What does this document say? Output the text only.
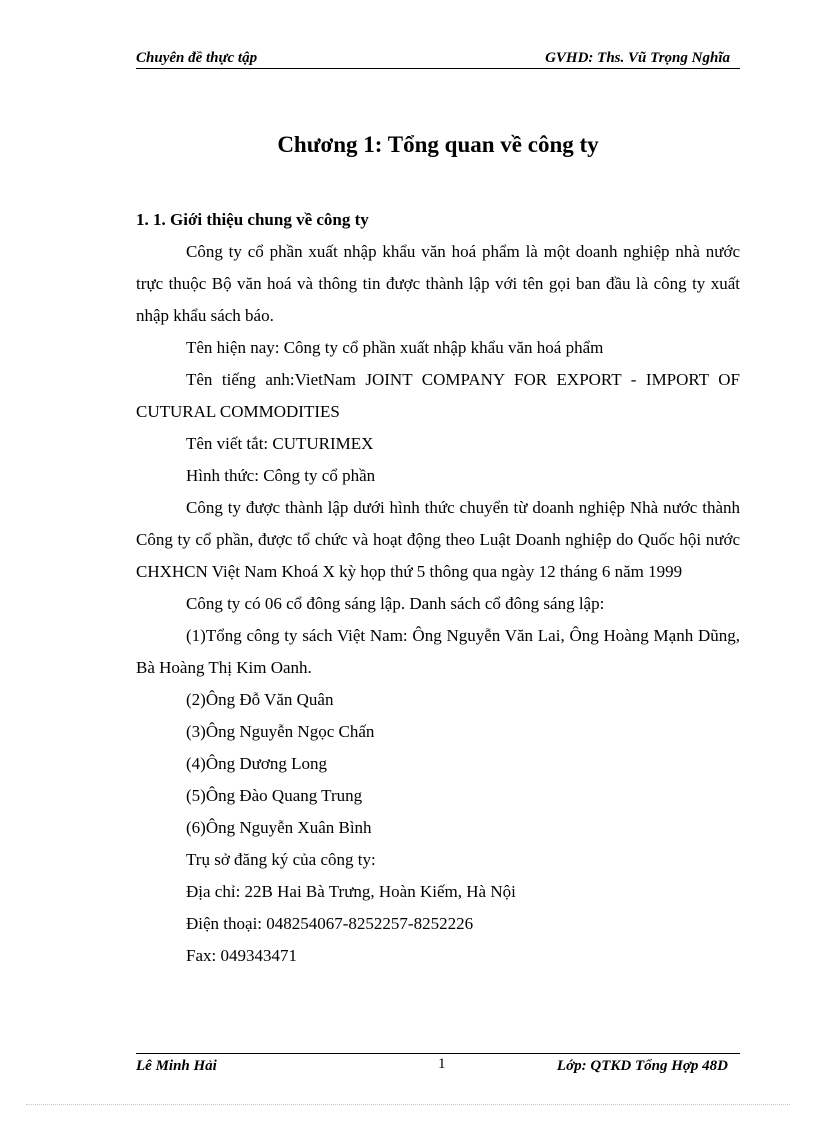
Chuyên đề thực tập	GVHD: Ths. Vũ Trọng Nghĩa
Chương 1: Tổng quan về công ty

1. 1. Giới thiệu chung về công ty

Công ty cổ phần xuất nhập khẩu văn hoá phẩm là một doanh nghiệp nhà nước trực thuộc Bộ văn hoá và thông tin được thành lập với tên gọi ban đầu là công ty xuất nhập khẩu sách báo.

Tên hiện nay: Công ty cổ phần xuất nhập khẩu văn hoá phẩm

Tên tiếng anh:VietNam JOINT COMPANY FOR EXPORT - IMPORT OF CUTURAL COMMODITIES

Tên viết tắt: CUTURIMEX

Hình thức: Công ty cổ phần

Công ty được thành lập dưới hình thức chuyển từ doanh nghiệp Nhà nước thành Công ty cổ phần, được tổ chức và hoạt động theo Luật Doanh nghiệp do Quốc hội nước CHXHCN Việt Nam Khoá X kỳ họp thứ 5 thông qua ngày 12 tháng 6 năm 1999

Công ty có 06 cổ đông sáng lập. Danh sách cổ đông sáng lập:

(1)Tổng công ty sách Việt Nam: Ông Nguyễn Văn Lai, Ông Hoàng Mạnh Dũng, Bà Hoàng Thị Kim Oanh.

(2)Ông Đỗ Văn Quân

(3)Ông Nguyễn Ngọc Chấn

(4)Ông Dương Long

(5)Ông Đào Quang Trung

(6)Ông Nguyễn Xuân Bình

Trụ sở đăng ký của công ty:

Địa chỉ: 22B Hai Bà Trưng, Hoàn Kiếm, Hà Nội

Điện thoại: 048254067-8252257-8252226

Fax: 049343471

Lê Minh Hải	1	Lớp: QTKD Tổng Hợp 48D
